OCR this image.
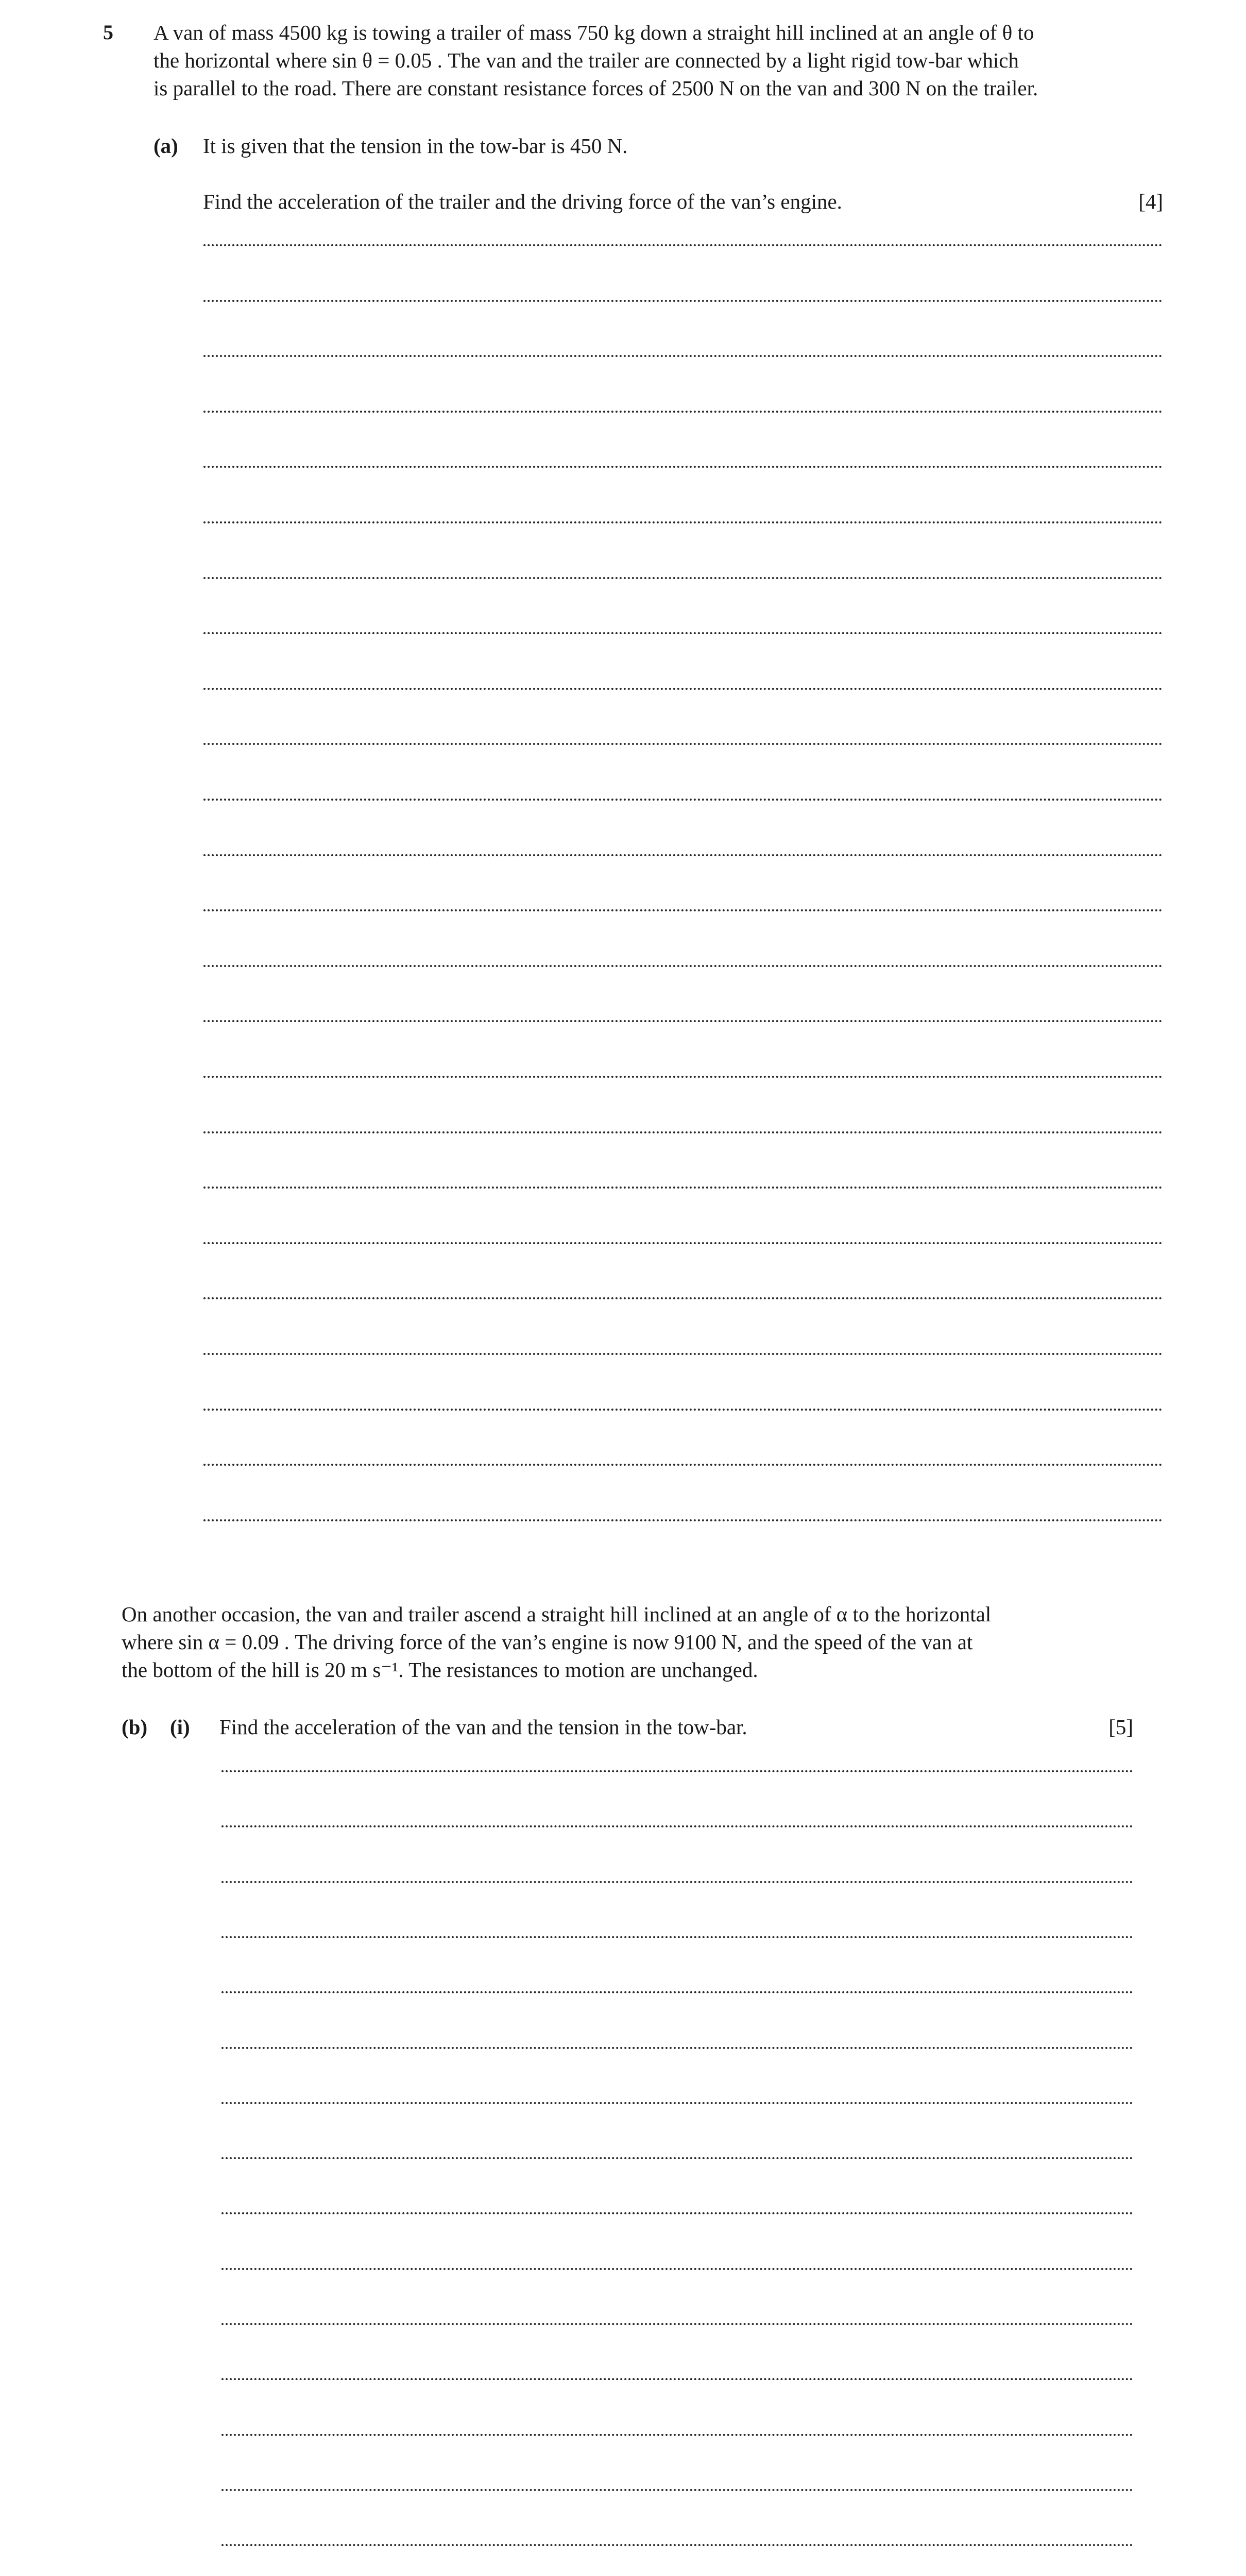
5 A van of mass 4500 kg is towing a trailer of mass 750 kg down a straight hill inclined at an angle of θ to
the horizontal where sin θ = 0.05 . The van and the trailer are connected by a light rigid tow-bar which
is parallel to the road. There are constant resistance forces of 2500 N on the van and 300 N on the trailer.
(a) It is given that the tension in the tow-bar is 450 N.
Find the acceleration of the trailer and the driving force of the van’s engine.	[4]
On another occasion, the van and trailer ascend a straight hill inclined at an angle of α to the horizontal
where sin α = 0.09 . The driving force of the van’s engine is now 9100 N, and the speed of the van at
the bottom of the hill is 20 m s⁻¹. The resistances to motion are unchanged.
(b) (i) Find the acceleration of the van and the tension in the tow-bar.	[5]
